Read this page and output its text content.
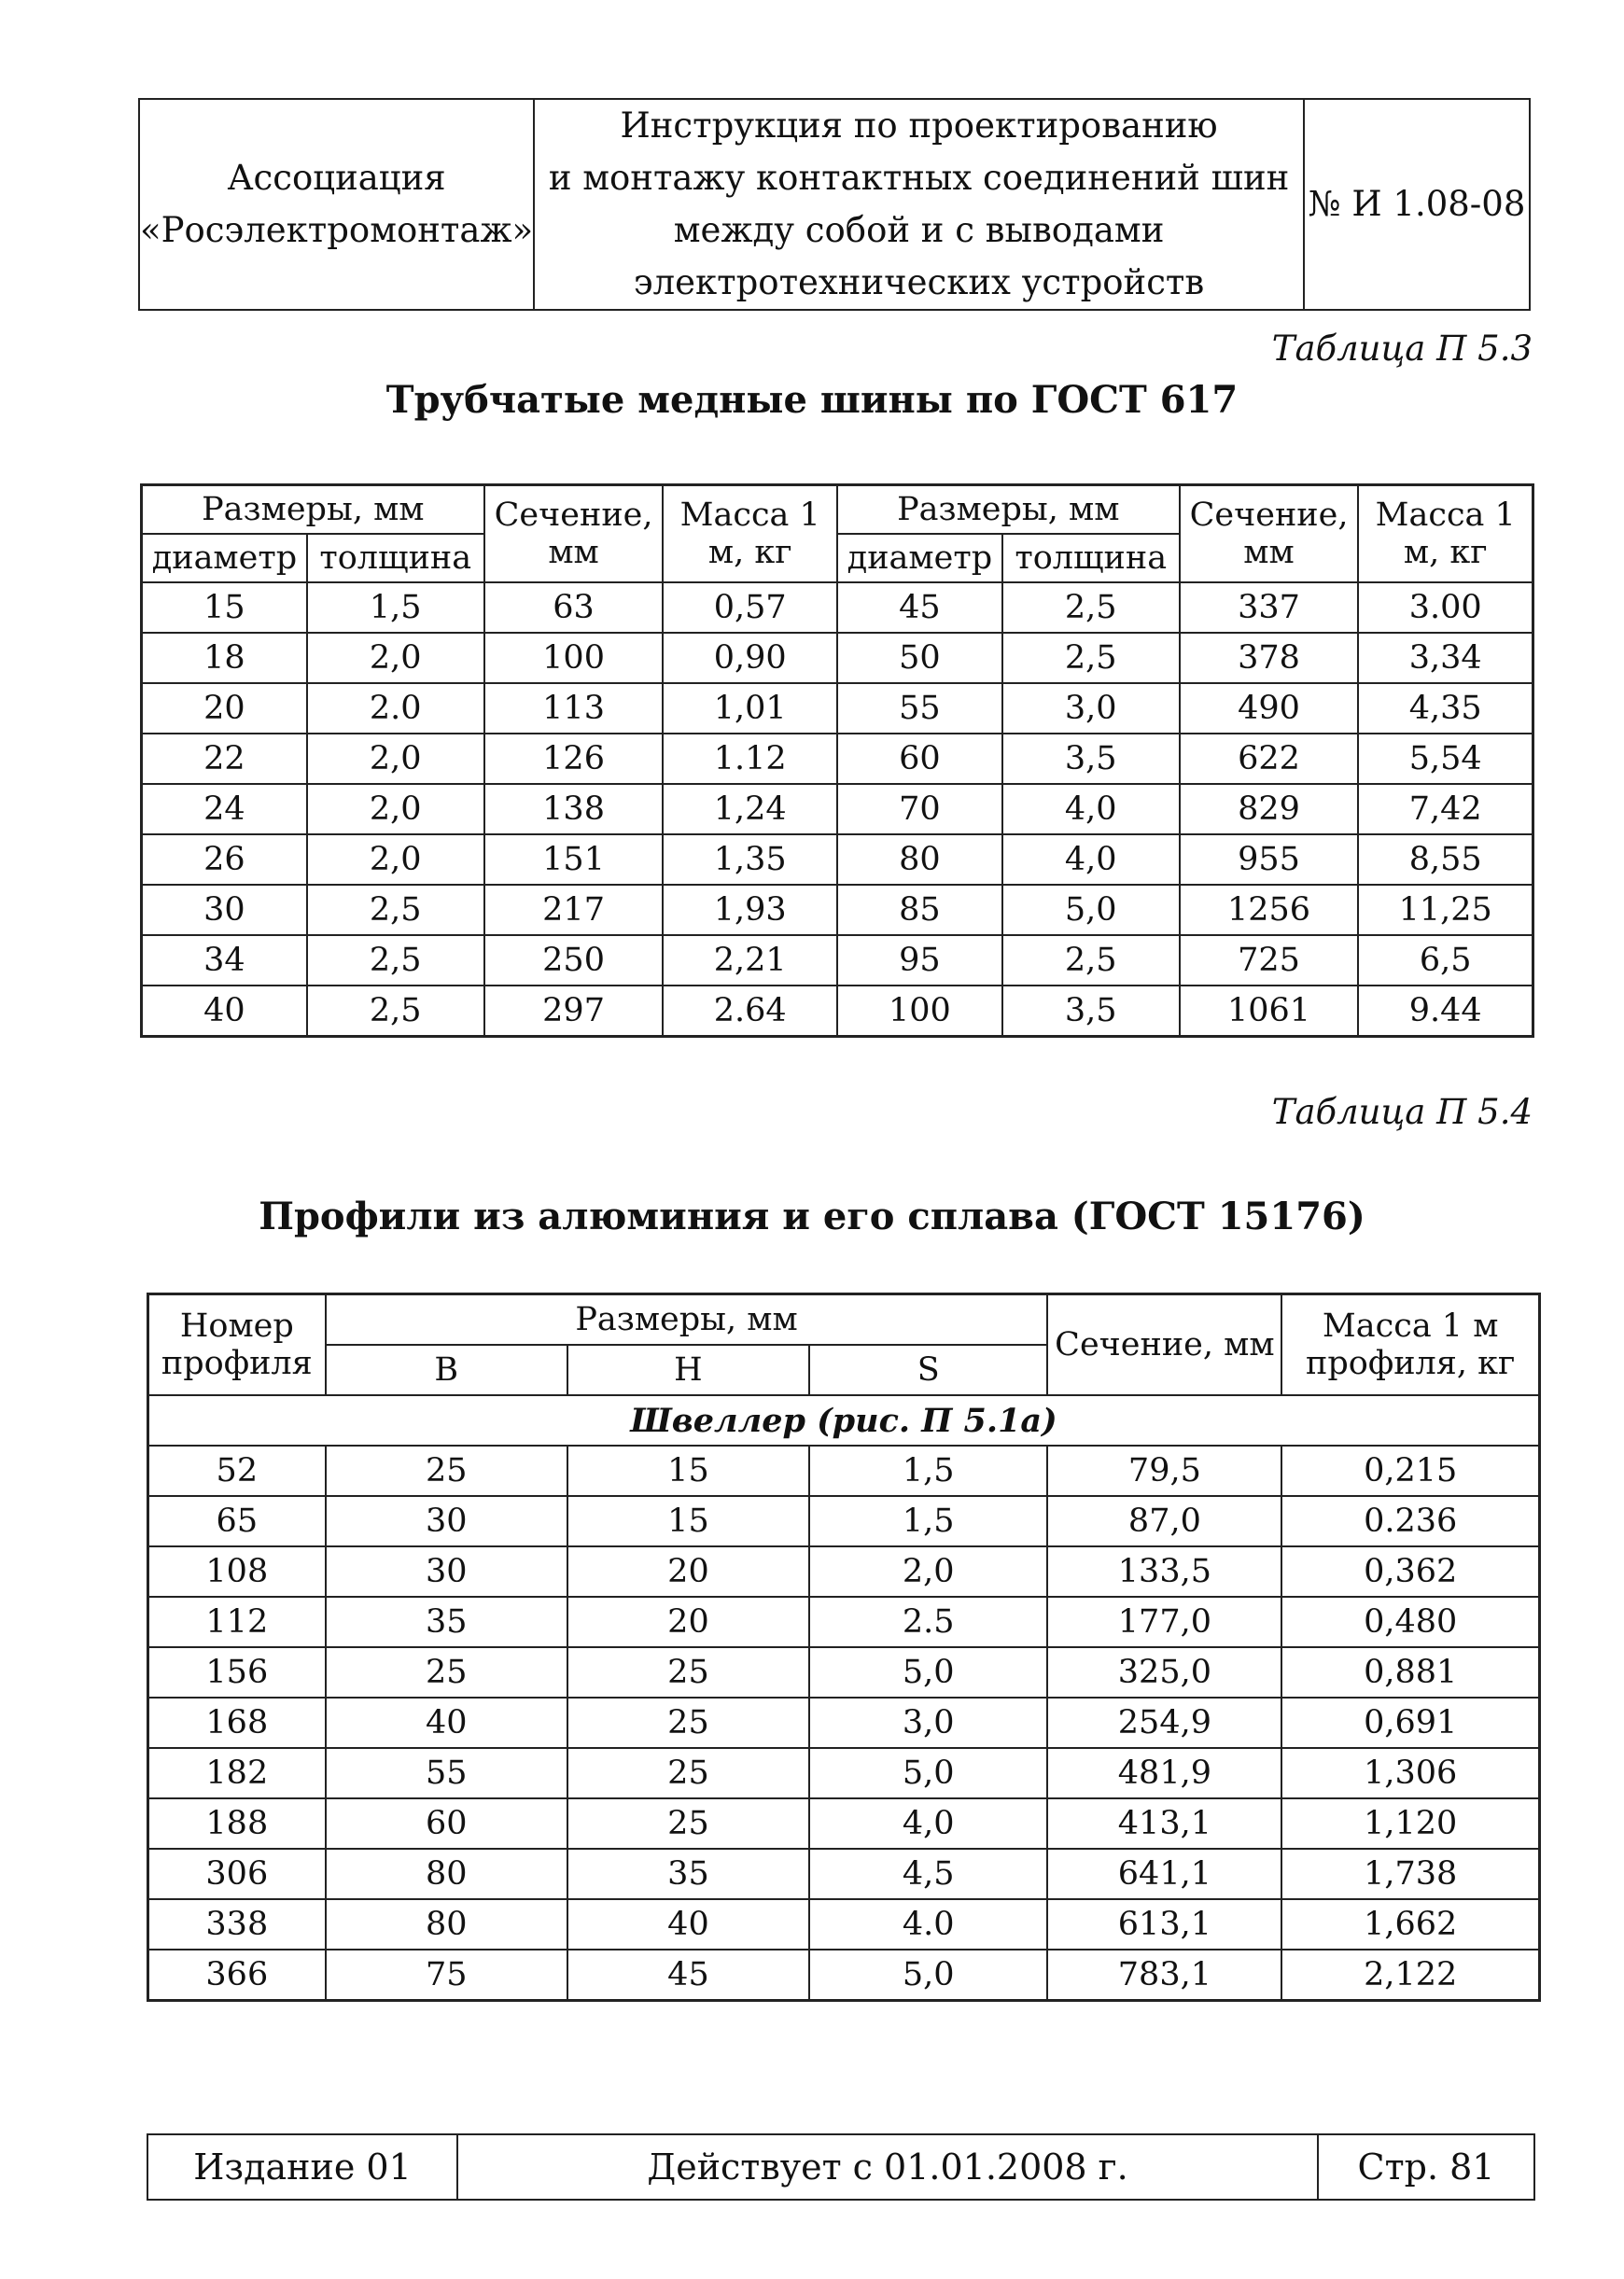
Ассоциация «Росэлектромонтаж»	
Инструкция по проектированию
и монтажу контактных соединений шин
между собой и с выводами
электротехнических устройств
	№ И 1.08-08
Таблица П 5.3
Трубчатые медные шины по ГОСТ 617
Размеры, мм		Сечение, мм	Масса 1 м, кг	Размеры, мм		Сечение, мм	Масса 1 м, кг
диаметр	толщина			диаметр	толщина		
15	1,5	63	0,57	45	2,5	337	3.00
18	2,0	100	0,90	50	2,5	378	3,34
20	2.0	113	1,01	55	3,0	490	4,35
22	2,0	126	1.12	60	3,5	622	5,54
24	2,0	138	1,24	70	4,0	829	7,42
26	2,0	151	1,35	80	4,0	955	8,55
30	2,5	217	1,93	85	5,0	1256	11,25
34	2,5	250	2,21	95	2,5	725	6,5
40	2,5	297	2.64	100	3,5	1061	9.44
Таблица П 5.4
Профили из алюминия и его сплава (ГОСТ 15176)
Номер профиля	Размеры, мм			Сечение, мм	Масса 1 м профиля, кг
	B	H	S		
Швеллер (рис. П 5.1а)					
52	25	15	1,5	79,5	0,215
65	30	15	1,5	87,0	0.236
108	30	20	2,0	133,5	0,362
112	35	20	2.5	177,0	0,480
156	25	25	5,0	325,0	0,881
168	40	25	3,0	254,9	0,691
182	55	25	5,0	481,9	1,306
188	60	25	4,0	413,1	1,120
306	80	35	4,5	641,1	1,738
338	80	40	4.0	613,1	1,662
366	75	45	5,0	783,1	2,122
Издание 01	Действует с 01.01.2008 г.	Стр. 81
